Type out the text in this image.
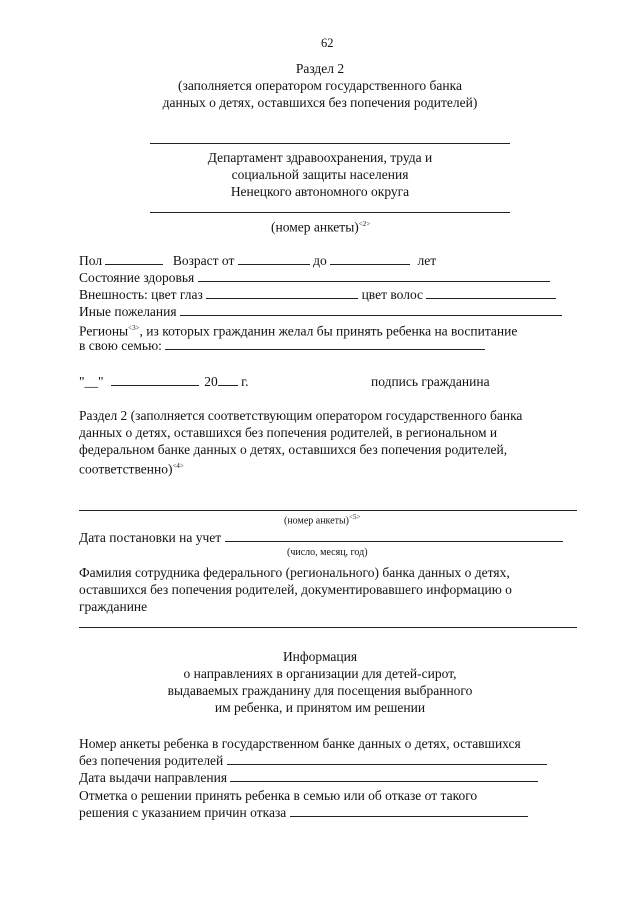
62
Раздел 2
(заполняется оператором государственного банка
данных о детях, оставшихся без попечения родителей)
Департамент здравоохранения, труда и
социальной защиты населения
Ненецкого автономного округа
(номер анкеты)$^{<2>}$
Пол	Возраст от	до	лет
Состояние здоровья
Внешность: цвет глаз	цвет волос
Иные пожелания
Регионы$^{<3>}$, из которых гражданин желал бы принять ребенка на воспитание
в свою семью:
"__"	20 г.	подпись гражданина
Раздел 2 (заполняется соответствующим оператором государственного банка
данных о детях, оставшихся без попечения родителей, в региональном и
федеральном банке данных о детях, оставшихся без попечения родителей,
соответственно)$^{<4>}$
(номер анкеты)$^{<5>}$
Дата постановки на учет
(число, месяц, год)
Фамилия сотрудника федерального (регионального) банка данных о детях,
оставшихся без попечения родителей, документировавшего информацию о
гражданине
Информация
о направлениях в организации для детей-сирот,
выдаваемых гражданину для посещения выбранного
им ребенка, и принятом им решении
Номер анкеты ребенка в государственном банке данных о детях, оставшихся
без попечения родителей
Дата выдачи направления
Отметка о решении принять ребенка в семью или об отказе от такого
решения с указанием причин отказа
